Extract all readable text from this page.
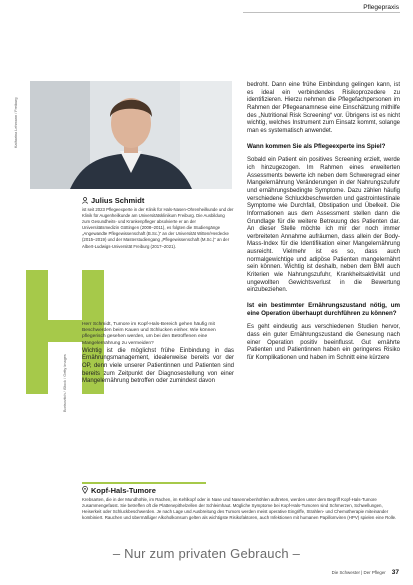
Pflegepraxis
Katharina Lehmann / Freiburg
Julius Schmidt
ist seit 2023 Pflegeexperte in der Klinik für Hals-Nasen-Ohrenheilkunde und der Klinik für Augenheilkunde am Universitätsklinikum Freiburg. Die Ausbildung zum Gesundheits- und Krankenpfleger absolvierte er an der Universitätsmedizin Göttingen (2008–2011), es folgten die Studiengänge „Angewandte Pflegewissenschaft (B.Sc.)“ an der Universität Witten/Herdecke (2015–2019) und der Masterstudiengang „Pflegewissenschaft (M.Sc.)“ an der Albert-Ludwigs-Universität Freiburg (2017–2021).
Borisovitch / iStock / Getty Images

Herr Schmidt, Tumore im Kopf-Hals-Bereich gehen häufig mit Beschwerden beim Kauen und Schlucken einher. Wie können pflegerisch gesehen werden, um bei den Betroffenen eine Mangelernährung zu vermeiden?

Wichtig ist die möglichst frühe Einbindung in das Ernährungsmanagement, idealerweise bereits vor der OP, denn viele unserer Patientinnen und Patienten sind bereits zum Zeitpunkt der Diagnosestellung von einer Mangelernährung betroffen oder zumindest davon

bedroht. Dann eine frühe Einbindung gelingen kann, ist es ideal ein verbindendes Risikoprozedere zu identifizieren. Hierzu nehmen die Pflegefachpersonen im Rahmen der Pflegeanamnese eine Einschätzung mithilfe des „Nutritional Risk Screening“ vor. Übrigens ist es nicht wichtig, welches Instrument zum Einsatz kommt, solange man es systematisch anwendet.

Wann kommen Sie als Pflegeexperte ins Spiel?

Sobald ein Patient ein positives Screening erzielt, werde ich hinzugezogen. Im Rahmen eines erweiterten Assessments bewerte ich neben dem Schweregrad einer Mangelernährung Veränderungen in der Nahrungszufuhr und ernährungsbedingte Symptome. Dazu zählen häufig verschiedene Schluckbeschwerden und gastrointestinale Symptome wie Durchfall, Obstipation und Übelkeit. Die Informationen aus dem Assessment stellen dann die Grundlage für die weitere Betreuung des Patienten dar. An dieser Stelle möchte ich mir der noch immer verbreiteten Annahme aufräumen, dass allein der Body-Mass-Index für die Identifikation einer Mangelernährung ausreicht. Vielmehr ist es so, dass auch normalgewichtige und adipöse Patienten mangelernährt sein können. Wichtig ist deshalb, neben dem BMI auch Kriterien wie Nahrungszufuhr, Krankheitsaktivität und ungewollten Gewichtsverlust in die Bewertung einzubeziehen.

Ist ein bestimmter Ernährungszustand nötig, um eine Operation überhaupt durchführen zu können?

Es geht eindeutig aus verschiedenen Studien hervor, dass ein guter Ernährungszustand die Genesung nach einer Operation positiv beeinflusst. Gut ernährte Patienten und Patientinnen haben ein geringeres Risiko für Komplikationen und haben im Schnitt eine kürzere

Kopf-Hals-Tumore

Krebsarten, die in der Mundhöhle, im Rachen, im Kehlkopf oder in Nase und Nasennebenhöhlen auftreten, werden unter dem Begriff Kopf-Hals-Tumore zusammengefasst. Sie betreffen oft die Plattenepithelzellen der Schleimhaut. Mögliche Symptome bei Kopf-Hals-Tumoren sind Schmerzen, Schwellungen, Heiserkeit oder Schluckbeschwerden. Je nach Lage und Ausbreitung des Tumors werden meist operative Eingriffe, Strahlen- und Chemotherapie miteinander kombiniert. Rauchen und übermäßiger Alkoholkonsum gelten als wichtigste Risikofaktoren, auch Infektionen mit humanen Papillomviren (HPV) spielen eine Rolle.

– Nur zum privaten Gebrauch –
Die Schwester | Der Pfleger 37
